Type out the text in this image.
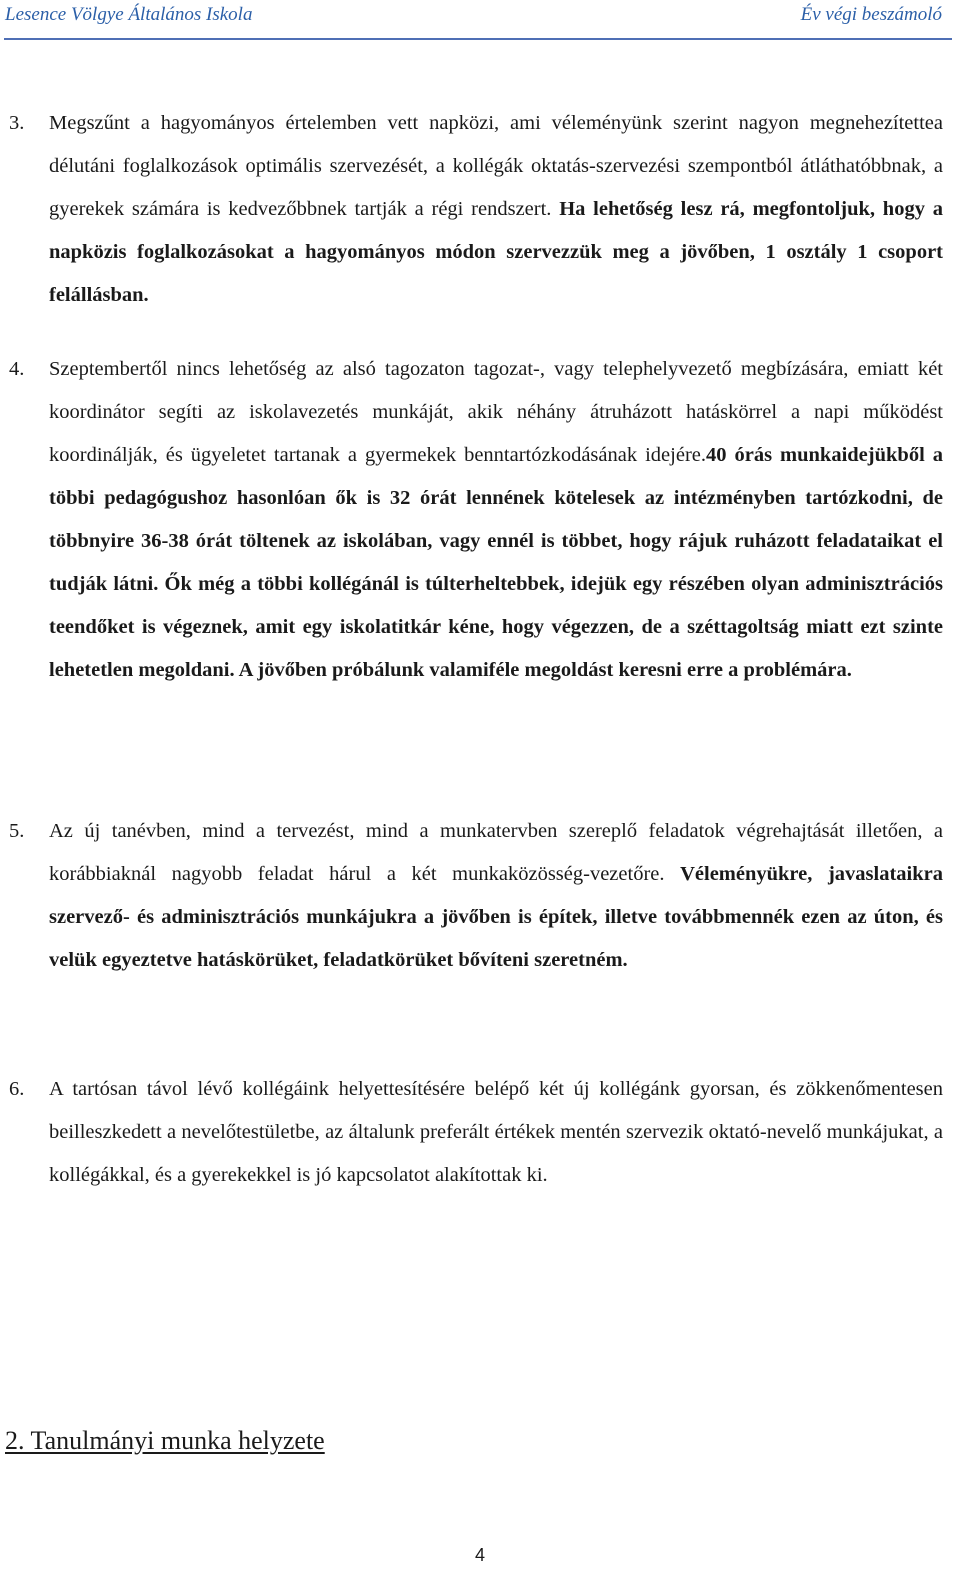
Lesence Völgye Általános Iskola	Év végi beszámoló
3. Megszűnt a hagyományos értelemben vett napközi, ami véleményünk szerint nagyon megnehezítettea délutáni foglalkozások optimális szervezését, a kollégák oktatás-szervezési szempontból átláthatóbbnak, a gyerekek számára is kedvezőbbnek tartják a régi rendszert. Ha lehetőség lesz rá, megfontoljuk, hogy a napközis foglalkozásokat a hagyományos módon szervezzük meg a jövőben, 1 osztály 1 csoport felállásban.
4. Szeptembertől nincs lehetőség az alsó tagozaton tagozat-, vagy telephelyvezető megbízására, emiatt két koordinátor segíti az iskolavezetés munkáját, akik néhány átruházott hatáskörrel a napi működést koordinálják, és ügyeletet tartanak a gyermekek benntartózkodásának idejére.40 órás munkaidejükből a többi pedagógushoz hasonlóan ők is 32 órát lennének kötelesek az intézményben tartózkodni, de többnyire 36-38 órát töltenek az iskolában, vagy ennél is többet, hogy rájuk ruházott feladataikat el tudják látni. Ők még a többi kollégánál is túlterheltebbek, idejük egy részében olyan adminisztrációs teendőket is végeznek, amit egy iskolatitkár kéne, hogy végezzen, de a széttagoltság miatt ezt szinte lehetetlen megoldani. A jövőben próbálunk valamiféle megoldást keresni erre a problémára.
5. Az új tanévben, mind a tervezést, mind a munkatervben szereplő feladatok végrehajtását illetően, a korábbiaknál nagyobb feladat hárul a két munkaközösség-vezetőre. Véleményükre, javaslataikra szervező- és adminisztrációs munkájukra a jövőben is építek, illetve továbbmennék ezen az úton, és velük egyeztetve hatáskörüket, feladatkörüket bővíteni szeretném.
6. A tartósan távol lévő kollégáink helyettesítésére belépő két új kollégánk gyorsan, és zökkenőmentesen beilleszkedett a nevelőtestületbe, az általunk preferált értékek mentén szervezik oktató-nevelő munkájukat, a kollégákkal, és a gyerekekkel is jó kapcsolatot alakítottak ki.
2. Tanulmányi munka helyzete
4
